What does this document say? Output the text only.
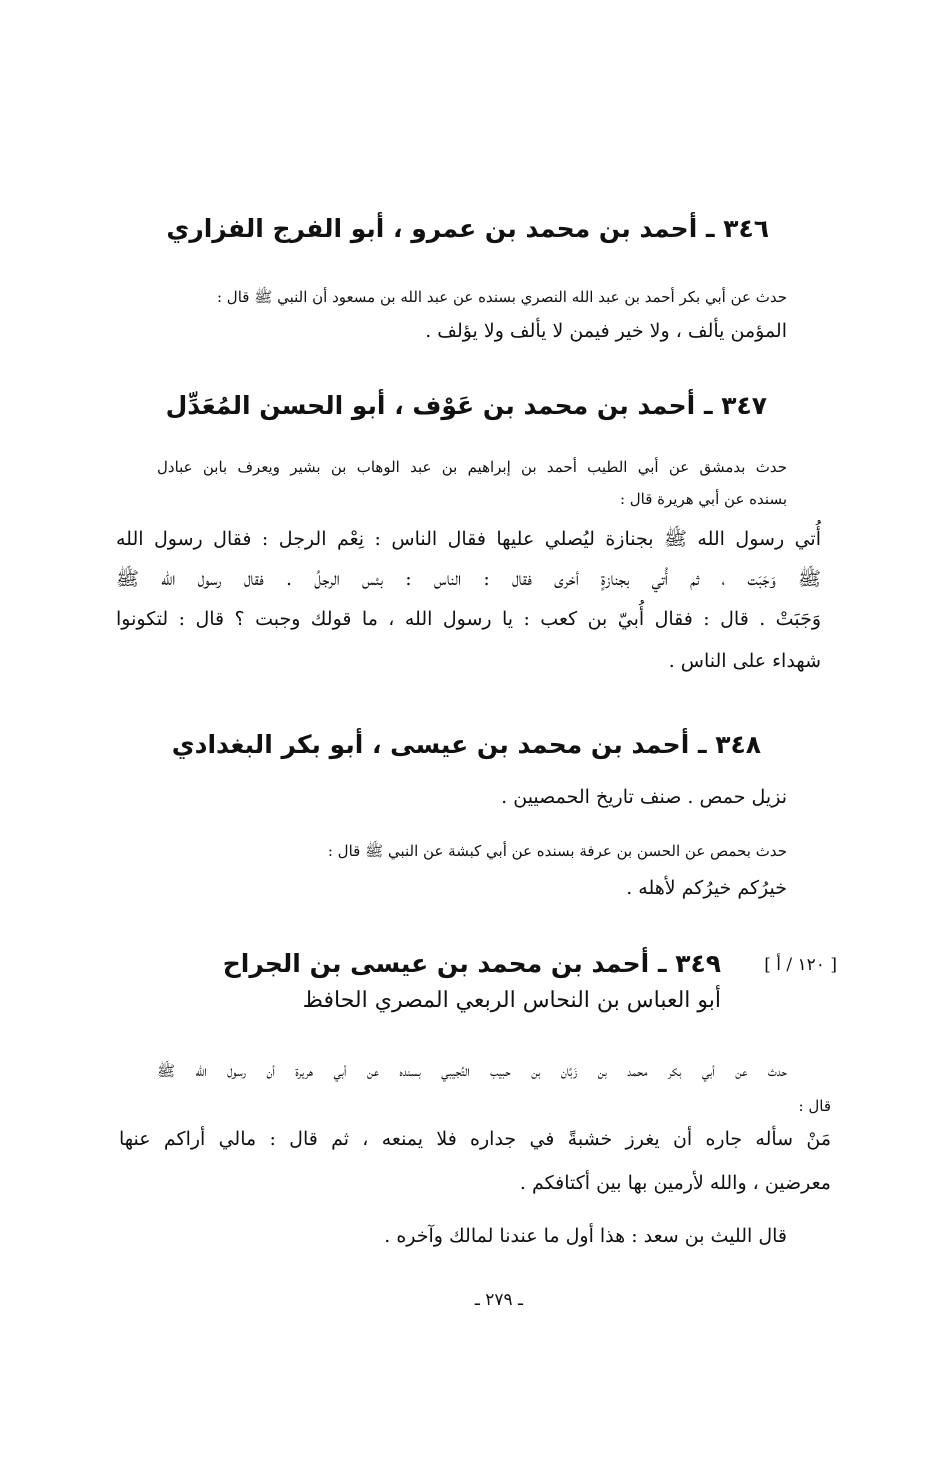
٣٤٦ ـ أحمد بن محمد بن عمرو ، أبو الفرج الفزاري

حدث عن أبي بكر أحمد بن عبد الله النصري بسنده عن عبد الله بن مسعود أن النبي ﷺ قال :

المؤمن يألف ، ولا خير فيمن لا يألف ولا يؤلف .

٣٤٧ ـ أحمد بن محمد بن عَوْف ، أبو الحسن المُعَدِّل

حدث بدمشق عن أبي الطيب أحمد بن إبراهيم بن عبد الوهاب بن بشير ويعرف بابن عبادل

بسنده عن أبي هريرة قال :

أُتي رسول الله ﷺ بجنازة ليُصلي عليها فقال الناس : نِعْم الرجل : فقال رسول الله

ﷺ وَجَبَت ، ثم أُتي بجنازةٍ أخرى فقال : الناس : بئس الرجلُ . فقال رسول الله ﷺ

وَجَبَتْ . قال : فقال أُبيّ بن كعب : يا رسول الله ، ما قولك وجبت ؟ قال : لتكونوا

شهداء على الناس .

٣٤٨ ـ أحمد بن محمد بن عيسى ، أبو بكر البغدادي

نزيل حمص . صنف تاريخ الحمصيين .

حدث بحمص عن الحسن بن عرفة بسنده عن أبي كبشة عن النبي ﷺ قال :

خيرُكم خيرُكم لأهله .

[ ١٢٠ / أ ]
٣٤٩ ـ أحمد بن محمد بن عيسى بن الجراح

أبو العباس بن النحاس الربعي المصري الحافظ

حدث عن أبي بكر محمد بن زَبَّان بن حبيب التُجيبي بسنده عن أبي هريرة أن رسول الله ﷺ

قال :

مَنْ سأله جاره أن يغرز خشبةً في جداره فلا يمنعه ، ثم قال : مالي أراكم عنها

معرضين ، والله لأرمين بها بين أكتافكم .

قال الليث بن سعد : هذا أول ما عندنا لمالك وآخره .

ـ ٢٧٩ ـ
